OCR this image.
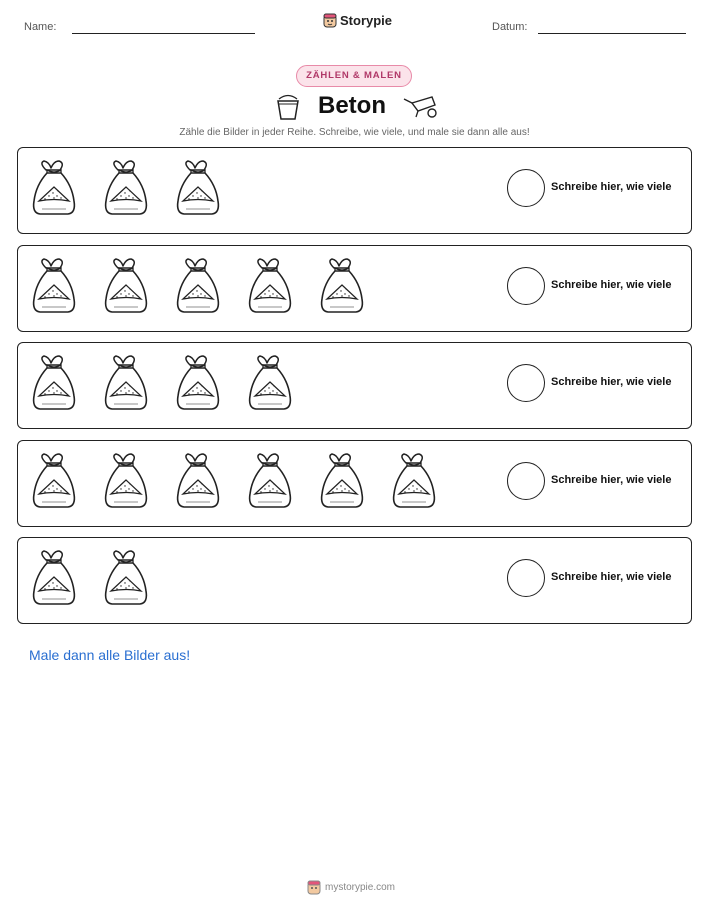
Name:	Storypie	Datum:
ZÄHLEN & MALEN
Beton
Zähle die Bilder in jeder Reihe. Schreibe, wie viele, und male sie dann alle aus!
Schreibe hier, wie viele
Schreibe hier, wie viele
Schreibe hier, wie viele
Schreibe hier, wie viele
Schreibe hier, wie viele
Male dann alle Bilder aus!
mystorypie.com
